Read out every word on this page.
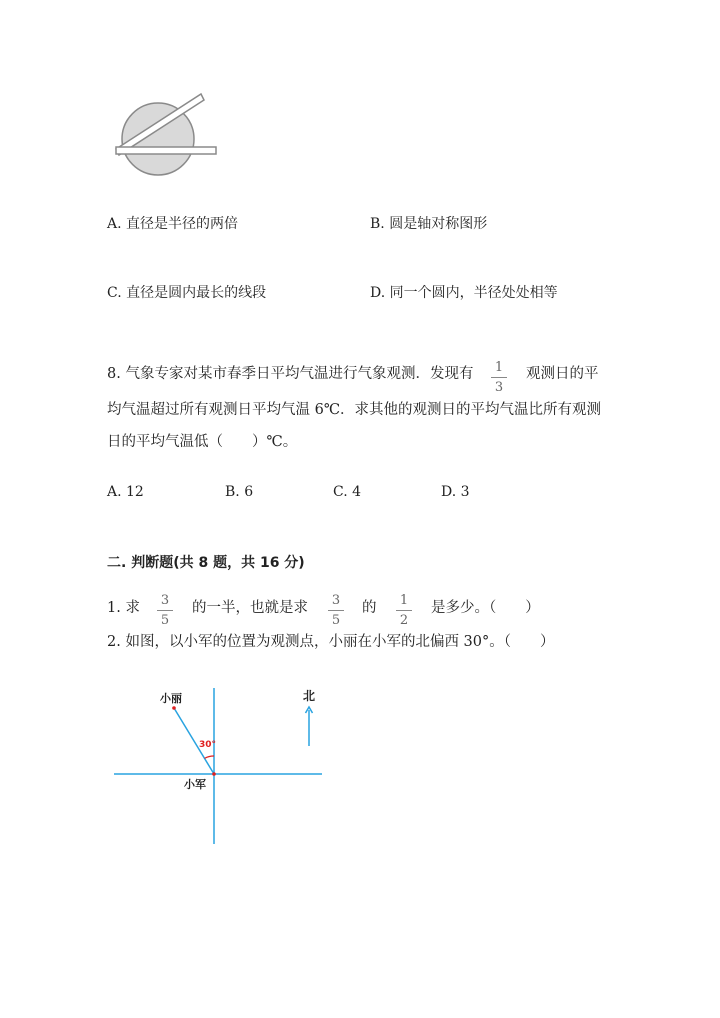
A. 直径是半径的两倍	B. 圆是轴对称图形
C. 直径是圆内最长的线段	D. 同一个圆内，半径处处相等
8. 气象专家对某市春季日平均气温进行气象观测．发现有	1
3
观测日的平
均气温超过所有观测日平均气温 6℃．求其他的观测日的平均气温比所有观测
日的平均气温低（　　）℃。
A. 12	B. 6	C. 4	D. 3
二. 判断题(共 8 题，共 16 分)
1. 求	3
5
的一半，也就是求	3
5
的	1
2
是多少。（　　）
2. 如图，以小军的位置为观测点，小丽在小军的北偏西 30°。（　　）
30°
小丽
小军
北
